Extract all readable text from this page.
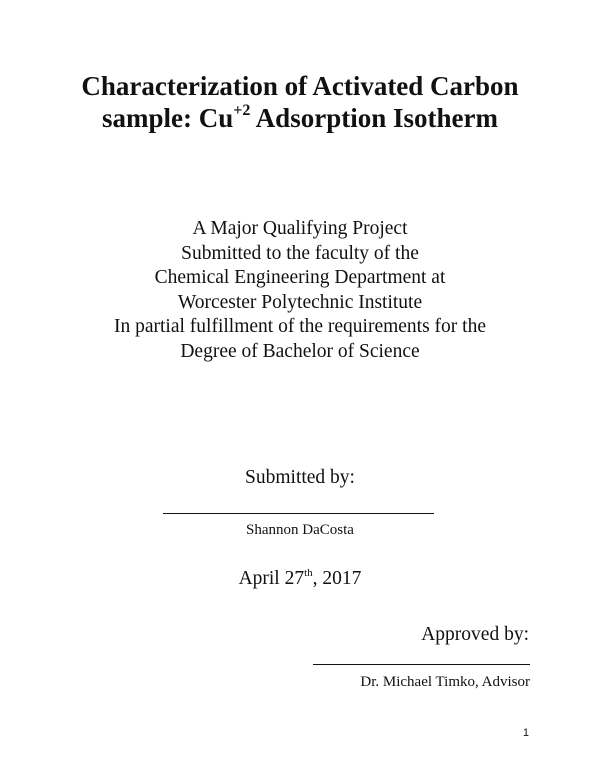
Characterization of Activated Carbon
sample: $Cu^{+2}$ Adsorption Isotherm
A Major Qualifying Project
Submitted to the faculty of the
Chemical Engineering Department at
Worcester Polytechnic Institute
In partial fulfillment of the requirements for the
Degree of Bachelor of Science
Submitted by:
Shannon DaCosta
April 27th, 2017
Approved by:
Dr. Michael Timko, Advisor
1
